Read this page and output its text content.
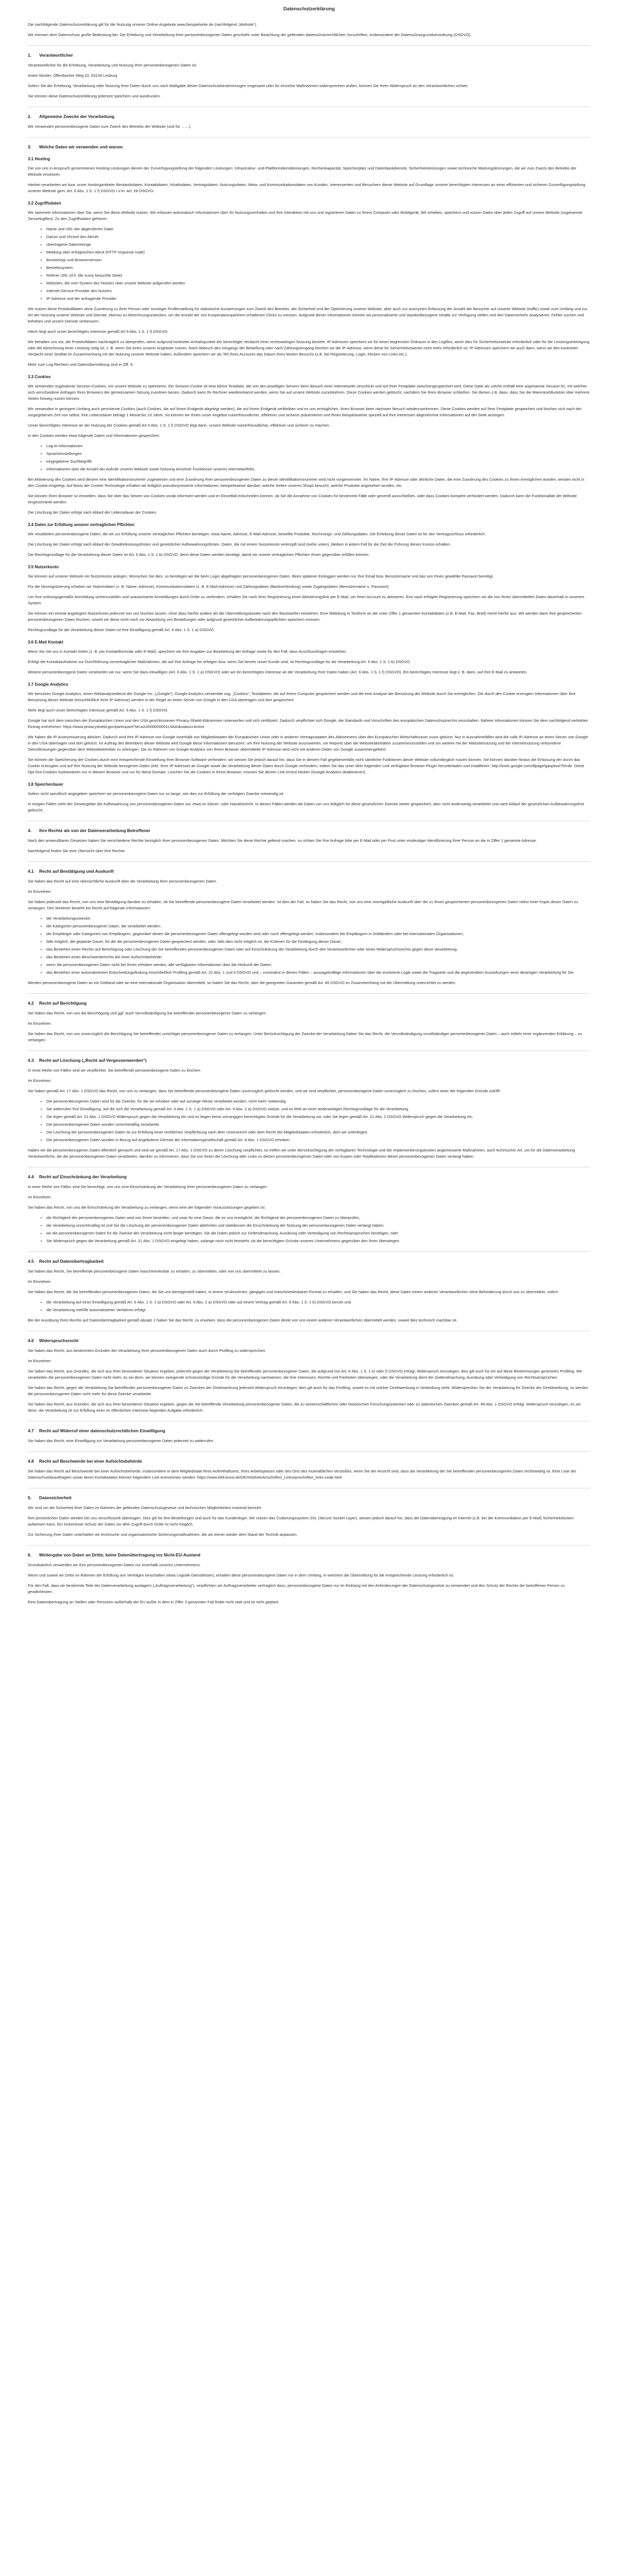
Datenschutzerklärung

Die nachfolgende Datenschutzerklärung gilt für die Nutzung unserer Online-Angebote www.beispielseite.de (nachfolgend „Website“).

Wir messen dem Datenschutz große Bedeutung bei. Die Erhebung und Verarbeitung Ihrer personenbezogenen Daten geschieht unter Beachtung der geltenden datenschutzrechtlichen Vorschriften, insbesondere der Datenschutzgrundverordnung (DSGVO).

1. Verantwortlicher

Verantwortlicher für die Erhebung, Verarbeitung und Nutzung Ihrer personenbezogenen Daten ist:

Anton Muster, Offenbacher Weg 10, 63104 Limburg

Sofern Sie der Erhebung, Verarbeitung oder Nutzung Ihrer Daten durch uns nach Maßgabe dieser Datenschutzbestimmungen insgesamt oder für einzelne Maßnahmen widersprechen wollen, können Sie Ihren Widerspruch an den Verantwortlichen richten.

Sie können diese Datenschutzerklärung jederzeit speichern und ausdrucken.

2. Allgemeine Zwecke der Verarbeitung

Wir verwenden personenbezogene Daten zum Zweck des Betriebs der Website (und für ……).

3. Welche Daten wir verwenden und warum
3.1 Hosting

Die von uns in Anspruch genommenen Hosting-Leistungen dienen der Zurverfügungstellung der folgenden Leistungen: Infrastruktur- und Plattformdienstleistungen, Rechenkapazität, Speicherplatz und Datenbankdienste, Sicherheitsleistungen sowie technische Wartungsleistungen, die wir zum Zweck des Betriebs der Website einsetzen.

Hierbei verarbeiten wir bzw. unser Hostinganbieter Bestandsdaten, Kontaktdaten, Inhaltsdaten, Vertragsdaten, Nutzungsdaten, Meta- und Kommunikationsdaten von Kunden, Interessenten und Besuchern dieser Website auf Grundlage unserer berechtigten Interessen an einer effizienten und sicheren Zurverfügungstellung unserer Website gem. Art. 6 Abs. 1 S. 1 f) DSGVO i.V.m. Art. 28 DSGVO.

3.2 Zugriffsdaten

Wir sammeln Informationen über Sie, wenn Sie diese Website nutzen. Wir erfassen automatisch Informationen über Ihr Nutzungsverhalten und Ihre Interaktion mit uns und registrieren Daten zu Ihrem Computer oder Mobilgerät. Wir erheben, speichern und nutzen Daten über jeden Zugriff auf unsere Website (sogenannte Serverlogfiles). Zu den Zugriffsdaten gehören:

• Name und URL der abgerufenen Datei
• Datum und Uhrzeit des Abrufs
• übertragene Datenmenge
• Meldung über erfolgreichen Abruf (HTTP response code)
• Browsertyp und Browserversion
• Betriebssystem
• Referer URL (d.h. die zuvor besuchte Seite)
• Websites, die vom System des Nutzers über unsere Website aufgerufen werden
• Internet-Service-Provider des Nutzers
• IP-Adresse und der anfragende Provider

Wir nutzen diese Protokolldaten ohne Zuordnung zu Ihrer Person oder sonstiger Profilerstellung für statistische Auswertungen zum Zweck des Betriebs, der Sicherheit und der Optimierung unserer Website, aber auch zur anonymen Erfassung der Anzahl der Besucher auf unserer Website (traffic) sowie zum Umfang und zur Art der Nutzung unserer Website und Dienste, ebenso zu Abrechnungszwecken, um die Anzahl der von Kooperationspartnern erhaltenen Clicks zu messen. Aufgrund dieser Informationen können wir personalisierte und standortbezogene Inhalte zur Verfügung stellen und den Datenverkehr analysieren, Fehler suchen und beheben und unsere Dienste verbessern.

Hierin liegt auch unser berechtigtes Interesse gemäß Art 6 Abs. 1 S. 1 f) DSGVO.

Wir behalten uns vor, die Protokolldaten nachträglich zu überprüfen, wenn aufgrund konkreter Anhaltspunkte der berechtigte Verdacht einer rechtswidrigen Nutzung besteht. IP-Adressen speichern wir für einen begrenzten Zeitraum in den Logfiles, wenn dies für Sicherheitszwecke erforderlich oder für die Leistungserbringung oder die Abrechnung einer Leistung nötig ist, z. B. wenn Sie eines unserer Angebote nutzen. Nach Abbruch des Vorgangs der Bestellung oder nach Zahlungseingang löschen wir die IP-Adresse, wenn diese für Sicherheitszwecke nicht mehr erforderlich ist. IP-Adressen speichern wir auch dann, wenn wir den konkreten Verdacht einer Straftat im Zusammenhang mit der Nutzung unserer Website haben. Außerdem speichern wir als Teil Ihres Accounts das Datum Ihres letzten Besuchs (z.B. bei Registrierung, Login, Klicken von Links etc.).

Mehr zum Log-Rechten und Datenübermittlung sind in Ziff. 9.

3.3 Cookies

Wir verwenden sogenannte Session-Cookies, um unsere Website zu optimieren. Ein Session-Cookie ist eine kleine Textdatei, die von den jeweiligen Servern beim Besuch einer Internetseite verschickt und auf Ihrer Festplatte zwischengespeichert wird. Diese Datei als solche enthält eine sogenannte Session-ID, mit welcher sich verschiedene Anfragen Ihres Browsers der gemeinsamen Sitzung zuordnen lassen. Dadurch kann Ihr Rechner wiedererkannt werden, wenn Sie auf unsere Website zurückkehren. Diese Cookies werden gelöscht, nachdem Sie Ihren Browser schließen. Sie dienen z.B. dazu, dass Sie die Warenkorbfunktion über mehrere Seiten hinweg nutzen können.

Wir verwenden in geringem Umfang auch persistente Cookies (auch Cookies, die auf Ihrem Endgerät abgelegt werden), die auf Ihrem Endgerät verbleiben und es uns ermöglichen, Ihren Browser beim nächsten Besuch wiederzuerkennen. Diese Cookies werden auf Ihrer Festplatte gespeichert und löschen sich nach der vorgegebenen Zeit von selbst. Ihre Lebensdauer beträgt 1 Monat bis 10 Jahre. So können wir Ihnen unser Angebot nutzerfreundlicher, effektiver und sicherer präsentieren und Ihnen beispielsweise speziell auf Ihre Interessen abgestimmte Informationen auf der Seite anzeigen.

Unser berechtigtes Interesse an der Nutzung der Cookies gemäß Art 6 Abs. 1 S. 1 f) DSGVO liegt darin, unsere Website nutzerfreundlicher, effektiver und sicherer zu machen.

In den Cookies werden etwa folgende Daten und Informationen gespeichert:

• Log-In-Informationen
• Spracheinstellungen
• eingegebene Suchbegriffe
• Informationen über die Anzahl der Aufrufe unserer Website sowie Nutzung einzelner Funktionen unseres Internetauftritts.

Bei Aktivierung des Cookies wird diesem eine Identifikationsnummer zugewiesen und eine Zuordnung Ihrer personenbezogenen Daten zu dieser Identifikationsnummer wird nicht vorgenommen. Ihr Name, Ihre IP-Adresse oder ähnliche Daten, die eine Zuordnung des Cookies zu Ihnen ermöglichen würden, werden nicht in den Cookie eingelegt. Auf Basis der Cookie-Technologie erhalten wir lediglich pseudonymisierte Informationen, beispielsweise darüber, welche Seiten unseres Shops besucht, welche Produkte angesehen wurden, etc.

Sie können Ihren Browser so einstellen, dass Sie über das Setzen von Cookies vorab informiert werden und im Einzelfall entscheiden können, ob Sie die Annahme von Cookies für bestimmte Fälle oder generell ausschließen, oder dass Cookies komplett verhindert werden. Dadurch kann die Funktionalität der Website eingeschränkt werden.

Die Löschung der Daten erfolgt nach Ablauf der Lebensdauer der Cookies.

3.4 Daten zur Erfüllung unserer vertraglichen Pflichten

Wir verarbeiten personenbezogene Daten, die wir zur Erfüllung unserer vertraglichen Pflichten benötigen, etwa Name, Adresse, E-Mail-Adresse, bestellte Produkte, Rechnungs- und Zahlungsdaten. Die Erhebung dieser Daten ist für den Vertragsschluss erforderlich.

Die Löschung der Daten erfolgt nach Ablauf der Gewährleistungsfristen und gesetzlicher Aufbewahrungsfristen. Daten, die mit einem Nutzerkonto verknüpft sind (siehe unten), bleiben in jedem Fall für die Zeit der Führung dieses Kontos erhalten.

Die Rechtsgrundlage für die Verarbeitung dieser Daten ist Art. 6 Abs. 1 S. 1 b) DSGVO, denn diese Daten werden benötigt, damit wir unsere vertraglichen Pflichten Ihnen gegenüber erfüllen können.

3.5 Nutzerkonto

Sie können auf unserer Website ein Nutzerkonto anlegen. Wünschen Sie dies, so benötigen wir die beim Login abgefragten personenbezogenen Daten. Beim späteren Einloggen werden nur Ihre Email bzw. Benutzername und das von Ihnen gewählte Passwort benötigt.

Für die Neuregistrierung erheben wir Stammdaten (z. B. Name, Adresse), Kommunikationsdaten (z. B. E-Mail-Adresse) und Zahlungsdaten (Bankverbindung) sowie Zugangsdaten (Benutzername u. Passwort).

Um Ihre ordnungsgemäße Anmeldung sicherzustellen und unautorisierte Anmeldungen durch Dritte zu verhindern, erhalten Sie nach Ihrer Registrierung einen Aktivierungslink per E-Mail, um Ihren Account zu aktivieren. Erst nach erfolgter Registrierung speichern wir die von Ihnen übermittelten Daten dauerhaft in unserem System.

Sie können ein einmal angelegtes Nutzerkonto jederzeit von uns löschen lassen, ohne dass hierfür andere als die Übermittlungskosten nach den Basistarifen entstehen. Eine Mitteilung in Textform an die unter Ziffer 1 genannten Kontaktdaten (z.B. E-Mail, Fax, Brief) reicht hierfür aus. Wir werden dann Ihre gespeicherten personenbezogenen Daten löschen, soweit wir diese nicht noch zur Abwicklung von Bestellungen oder aufgrund gesetzlicher Aufbewahrungspflichten speichern müssen.

Rechtsgrundlage für die Verarbeitung dieser Daten ist Ihre Einwilligung gemäß Art. 6 Abs. 1 S. 1 a) DSGVO.

3.6 E-Mail Kontakt

Wenn Sie mit uns in Kontakt treten (z. B. per Kontaktformular oder E-Mail), speichern wir Ihre Angaben zur Bearbeitung der Anfrage sowie für den Fall, dass Anschlussfragen entstehen.

Erfolgt die Kontaktaufnahme zur Durchführung vorvertraglicher Maßnahmen, die auf Ihre Anfrage hin erfolgen bzw. wenn Sie bereits unser Kunde sind, ist Rechtsgrundlage für die Verarbeitung Art. 6 Abs. 1 S. 1 b) DSGVO.

Weitere personenbezogene Daten verarbeiten wir nur, wenn Sie dazu einwilligen (Art. 6 Abs. 1 S. 1 a) DSGVO) oder wir ein berechtigtes Interesse an der Verarbeitung Ihrer Daten haben (Art. 6 Abs. 1 S. 1 f) DSGVO). Ein berechtigtes Interesse liegt z. B. darin, auf Ihre E-Mail zu antworten.

3.7 Google Analytics

Wir benutzen Google Analytics, einen Webanalysedienst der Google Inc. („Google“). Google Analytics verwendet sog. „Cookies“, Textdateien, die auf Ihrem Computer gespeichert werden und die eine Analyse der Benutzung der Website durch Sie ermöglichen. Die durch den Cookie erzeugten Informationen über Ihre Benutzung dieser Website (einschließlich Ihrer IP-Adresse) werden in der Regel an einen Server von Google in den USA übertragen und dort gespeichert.

Mehr liegt auch unser berechtigtes Interesse gemäß Art. 6 Abs. 1 S. 1 f) DSGVO.

Google hat sich dem zwischen der Europäischen Union und den USA geschlossenen Privacy-Shield-Abkommen unterworfen und sich zertifiziert. Dadurch verpflichtet sich Google, die Standards und Vorschriften des europäischen Datenschutzrechts einzuhalten. Nähere Informationen können Sie dem nachfolgend verlinkten Eintrag entnehmen: https://www.privacyshield.gov/participant?id=a2zt000000001L5AAI&status=Active

Wir haben die IP-Anonymisierung aktiviert. Dadurch wird Ihre IP-Adresse von Google innerhalb von Mitgliedstaaten der Europäischen Union oder in anderen Vertragsstaaten des Abkommens über den Europäischen Wirtschaftsraum zuvor gekürzt. Nur in Ausnahmefällen wird die volle IP-Adresse an einen Server von Google in den USA übertragen und dort gekürzt. Im Auftrag des Betreibers dieser Website wird Google diese Informationen benutzen, um Ihre Nutzung der Website auszuwerten, um Reports über die Websiteaktivitäten zusammenzustellen und um weitere mit der Websitenutzung und der Internetnutzung verbundene Dienstleistungen gegenüber dem Websitebetreiber zu erbringen. Die im Rahmen von Google Analytics von Ihrem Browser übermittelte IP-Adresse wird nicht mit anderen Daten von Google zusammengeführt.

Sie können die Speicherung der Cookies durch eine entsprechende Einstellung Ihrer Browser-Software verhindern; wir weisen Sie jedoch darauf hin, dass Sie in diesem Fall gegebenenfalls nicht sämtliche Funktionen dieser Website vollumfänglich nutzen können. Sie können darüber hinaus die Erfassung der durch das Cookie erzeugten und auf Ihre Nutzung der Website bezogenen Daten (inkl. Ihrer IP-Adresse) an Google sowie die Verarbeitung dieser Daten durch Google verhindern, indem Sie das unter dem folgenden Link verfügbare Browser-Plugin herunterladen und installieren: http://tools.google.com/dlpage/gaoptout?hl=de. Diese Opt-Out-Cookies funktionieren nur in diesem Browser und nur für diese Domain. Löschen Sie die Cookies in Ihrem Browser, müssen Sie diesen Link erneut klicken (Google Analytics deaktivieren).

3.8 Speicherdauer

Sofern nicht spezifisch angegeben speichern wir personenbezogene Daten nur so lange, wie dies zur Erfüllung der verfolgten Zwecke notwendig ist.

In einigen Fällen sieht der Gesetzgeber die Aufbewahrung von personenbezogenen Daten vor, etwa im Steuer- oder Handelsrecht. In diesen Fällen werden die Daten von uns lediglich für diese gesetzlichen Zwecke weiter gespeichert, aber nicht anderweitig verarbeitet und nach Ablauf der gesetzlichen Aufbewahrungsfrist gelöscht.

4. Ihre Rechte als von der Datenverarbeitung Betroffener

Nach den anwendbaren Gesetzen haben Sie verschiedene Rechte bezüglich Ihrer personenbezogenen Daten. Möchten Sie diese Rechte geltend machen, so richten Sie Ihre Anfrage bitte per E-Mail oder per Post unter eindeutiger Identifizierung Ihrer Person an die in Ziffer 1 genannte Adresse.

Nachfolgend finden Sie eine Übersicht über Ihre Rechte.

4.1 Recht auf Bestätigung und Auskunft

Sie haben das Recht auf eine übersichtliche Auskunft über die Verarbeitung Ihrer personenbezogenen Daten.

Im Einzelnen:

Sie haben jederzeit das Recht, von uns eine Bestätigung darüber zu erhalten, ob Sie betreffende personenbezogene Daten verarbeitet werden. Ist dies der Fall, so haben Sie das Recht, von uns eine unentgeltliche Auskunft über die zu Ihnen gespeicherten personenbezogenen Daten nebst einer Kopie dieser Daten zu verlangen. Des Weiteren besteht ein Recht auf folgende Informationen:

• die Verarbeitungszwecke;
• die Kategorien personenbezogener Daten, die verarbeitet werden;
• die Empfänger oder Kategorien von Empfängern, gegenüber denen die personenbezogenen Daten offengelegt worden sind oder noch offengelegt werden, insbesondere bei Empfängern in Drittländern oder bei internationalen Organisationen;
• falls möglich, die geplante Dauer, für die die personenbezogenen Daten gespeichert werden, oder, falls dies nicht möglich ist, die Kriterien für die Festlegung dieser Dauer;
• das Bestehen eines Rechts auf Berichtigung oder Löschung der Sie betreffenden personenbezogenen Daten oder auf Einschränkung der Verarbeitung durch den Verantwortlichen oder eines Widerspruchsrechts gegen diese Verarbeitung;
• das Bestehen eines Beschwerderechts bei einer Aufsichtsbehörde;
• wenn die personenbezogenen Daten nicht bei Ihnen erhoben werden, alle verfügbaren Informationen über die Herkunft der Daten;
• das Bestehen einer automatisierten Entscheidungsfindung einschließlich Profiling gemäß Art. 22 Abs. 1 und 4 DSGVO und – zumindest in diesen Fällen – aussagekräftige Informationen über die involvierte Logik sowie die Tragweite und die angestrebten Auswirkungen einer derartigen Verarbeitung für Sie.

Werden personenbezogene Daten an ein Drittland oder an eine internationale Organisation übermittelt, so haben Sie das Recht, über die geeigneten Garantien gemäß Art. 46 DSGVO im Zusammenhang mit der Übermittlung unterrichtet zu werden.

4.2 Recht auf Berichtigung

Sie haben das Recht, von uns die Berichtigung und ggf. auch Vervollständigung Sie betreffender personenbezogener Daten zu verlangen.

Im Einzelnen:

Sie haben das Recht, von uns unverzüglich die Berichtigung Sie betreffender unrichtiger personenbezogener Daten zu verlangen. Unter Berücksichtigung der Zwecke der Verarbeitung haben Sie das Recht, die Vervollständigung unvollständiger personenbezogener Daten – auch mittels einer ergänzenden Erklärung – zu verlangen.

4.3 Recht auf Löschung („Recht auf Vergessenwerden“)

In einer Reihe von Fällen sind wir verpflichtet, Sie betreffende personenbezogene Daten zu löschen.

Im Einzelnen:

Sie haben gemäß Art. 17 Abs. 1 DSGVO das Recht, von uns zu verlangen, dass Sie betreffende personenbezogene Daten unverzüglich gelöscht werden, und wir sind verpflichtet, personenbezogene Daten unverzüglich zu löschen, sofern einer der folgenden Gründe zutrifft:

• Die personenbezogenen Daten sind für die Zwecke, für die sie erhoben oder auf sonstige Weise verarbeitet wurden, nicht mehr notwendig.
• Sie widerrufen Ihre Einwilligung, auf die sich die Verarbeitung gemäß Art. 6 Abs. 1 S. 1 a) DSGVO oder Art. 9 Abs. 2 a) DSGVO stützte, und es fehlt an einer anderweitigen Rechtsgrundlage für die Verarbeitung.
• Sie legen gemäß Art. 21 Abs. 1 DSGVO Widerspruch gegen die Verarbeitung ein und es liegen keine vorrangigen berechtigten Gründe für die Verarbeitung vor, oder Sie legen gemäß Art. 21 Abs. 2 DSGVO Widerspruch gegen die Verarbeitung ein.
• Die personenbezogenen Daten wurden unrechtmäßig verarbeitet.
• Die Löschung der personenbezogenen Daten ist zur Erfüllung einer rechtlichen Verpflichtung nach dem Unionsrecht oder dem Recht der Mitgliedstaaten erforderlich, dem wir unterliegen.
• Die personenbezogenen Daten wurden in Bezug auf angebotene Dienste der Informationsgesellschaft gemäß Art. 8 Abs. 1 DSGVO erhoben.

Haben wir die personenbezogenen Daten öffentlich gemacht und sind wir gemäß Art. 17 Abs. 1 DSGVO zu deren Löschung verpflichtet, so treffen wir unter Berücksichtigung der verfügbaren Technologie und der Implementierungskosten angemessene Maßnahmen, auch technischer Art, um für die Datenverarbeitung Verantwortliche, die die personenbezogenen Daten verarbeiten, darüber zu informieren, dass Sie von ihnen die Löschung aller Links zu diesen personenbezogenen Daten oder von Kopien oder Replikationen dieser personenbezogenen Daten verlangt haben.

4.4 Recht auf Einschränkung der Verarbeitung

In einer Reihe von Fällen sind Sie berechtigt, von uns eine Einschränkung der Verarbeitung Ihrer personenbezogenen Daten zu verlangen.

Im Einzelnen:

Sie haben das Recht, von uns die Einschränkung der Verarbeitung zu verlangen, wenn eine der folgenden Voraussetzungen gegeben ist:

• die Richtigkeit der personenbezogenen Daten wird von Ihnen bestritten, und zwar für eine Dauer, die es uns ermöglicht, die Richtigkeit der personenbezogenen Daten zu überprüfen,
• die Verarbeitung unrechtmäßig ist und Sie die Löschung der personenbezogenen Daten ablehnten und stattdessen die Einschränkung der Nutzung der personenbezogenen Daten verlangt haben;
• wir die personenbezogenen Daten für die Zwecke der Verarbeitung nicht länger benötigen, Sie die Daten jedoch zur Geltendmachung, Ausübung oder Verteidigung von Rechtsansprüchen benötigen, oder
• Sie Widerspruch gegen die Verarbeitung gemäß Art. 21 Abs. 1 DSGVO eingelegt haben, solange noch nicht feststeht, ob die berechtigten Gründe unseres Unternehmens gegenüber den Ihren überwiegen.
4.5 Recht auf Datenübertragbarkeit

Sie haben das Recht, Sie betreffende personenbezogene Daten maschinenlesbar zu erhalten, zu übermitteln, oder von uns übermitteln zu lassen.

Im Einzelnen:

Sie haben das Recht, die Sie betreffenden personenbezogenen Daten, die Sie uns bereitgestellt haben, in einem strukturierten, gängigen und maschinenlesbaren Format zu erhalten, und Sie haben das Recht, diese Daten einem anderen Verantwortlichen ohne Behinderung durch uns zu übermitteln, sofern

• die Verarbeitung auf einer Einwilligung gemäß Art. 6 Abs. 1 S. 1 a) DSGVO oder Art. 9 Abs. 2 a) DSGVO oder auf einem Vertrag gemäß Art. 6 Abs. 1 S. 1 b) DSGVO beruht und
• die Verarbeitung mithilfe automatisierter Verfahren erfolgt.

Bei der Ausübung Ihres Rechts auf Datenübertragbarkeit gemäß Absatz 1 haben Sie das Recht, zu erwirken, dass die personenbezogenen Daten direkt von uns einem anderen Verantwortlichen übermittelt werden, soweit dies technisch machbar ist.

4.6 Widerspruchsrecht

Sie haben das Recht, aus bestimmten Gründen der Verarbeitung Ihrer personenbezogenen Daten auch durch Profiling zu widersprechen.

Im Einzelnen:

Sie haben das Recht, aus Gründen, die sich aus Ihrer besonderen Situation ergeben, jederzeit gegen die Verarbeitung Sie betreffender personenbezogener Daten, die aufgrund von Art. 6 Abs. 1 S. 1 e) oder f) DSGVO erfolgt, Widerspruch einzulegen; dies gilt auch für ein auf diese Bestimmungen gestütztes Profiling. Wir verarbeiten die personenbezogenen Daten nicht mehr, es sei denn, wir können zwingende schutzwürdige Gründe für die Verarbeitung nachweisen, die Ihre Interessen, Rechte und Freiheiten überwiegen, oder die Verarbeitung dient der Geltendmachung, Ausübung oder Verteidigung von Rechtsansprüchen.

Sie haben das Recht, gegen die Verarbeitung Sie betreffender personenbezogener Daten zu Zwecken der Direktwerbung jederzeit Widerspruch einzulegen; dies gilt auch für das Profiling, soweit es mit solcher Direktwerbung in Verbindung steht. Widersprechen Sie der Verarbeitung für Zwecke der Direktwerbung, so werden die personenbezogenen Daten nicht mehr für diese Zwecke verarbeitet.

Sie haben das Recht, aus Gründen, die sich aus Ihrer besonderen Situation ergeben, gegen die Sie betreffende Verarbeitung personenbezogener Daten, die zu wissenschaftlichen oder historischen Forschungszwecken oder zu statistischen Zwecken gemäß Art. 89 Abs. 1 DSGVO erfolgt, Widerspruch einzulegen, es sei denn, die Verarbeitung ist zur Erfüllung einer im öffentlichen Interesse liegenden Aufgabe erforderlich.

4.7 Recht auf Widerruf einer datenschutzrechtlichen Einwilligung

Sie haben das Recht, eine Einwilligung zur Verarbeitung personenbezogener Daten jederzeit zu widerrufen.

4.8 Recht auf Beschwerde bei einer Aufsichtsbehörde

Sie haben das Recht auf Beschwerde bei einer Aufsichtsbehörde, insbesondere in dem Mitgliedstaat Ihres Aufenthaltsorts, Ihres Arbeitsplatzes oder des Orts des mutmaßlichen Verstoßes, wenn Sie der Ansicht sind, dass die Verarbeitung der Sie betreffenden personenbezogenen Daten rechtswidrig ist. Eine Liste der Datenschutzbeauftragten sowie deren Kontaktdaten können folgendem Link entnommen werden: https://www.bfdi.bund.de/DE/Infothek/Anschriften_Links/anschriften_links-node.html

5. Datensicherheit

Wir sind um die Sicherheit Ihrer Daten im Rahmen der geltenden Datenschutzgesetze und technischen Möglichkeiten maximal bemüht.

Ihre persönlichen Daten werden bei uns verschlüsselt übertragen. Dies gilt für Ihre Bestellungen und auch für das Kundenlogin. Wir nutzen das Codierungssystem SSL (Secure Socket Layer), weisen jedoch darauf hin, dass die Datenübertragung im Internet (z.B. bei der Kommunikation per E-Mail) Sicherheitslücken aufweisen kann. Ein lückenloser Schutz der Daten vor dem Zugriff durch Dritte ist nicht möglich.

Zur Sicherung Ihrer Daten unterhalten wir technische und organisatorische Sicherungsmaßnahmen, die wir immer wieder dem Stand der Technik anpassen.

6. Weitergabe von Daten an Dritte, keine Datenübertragung ins Nicht-EU-Ausland

Grundsätzlich verwenden wir Ihre personenbezogenen Daten nur innerhalb unseres Unternehmens.

Wenn und soweit wir Dritte im Rahmen der Erfüllung von Verträgen einschalten (etwa Logistik-Dienstleister), erhalten diese personenbezogene Daten nur in dem Umfang, in welchem die Übermittlung für die entsprechende Leistung erforderlich ist.

Für den Fall, dass wir bestimmte Teile der Datenverarbeitung auslagern („Auftragsverarbeitung“), verpflichten wir Auftragsverarbeiter vertraglich dazu, personenbezogene Daten nur im Einklang mit den Anforderungen der Datenschutzgesetze zu verwenden und den Schutz der Rechte der betroffenen Person zu gewährleisten.

Eine Datenübertragung an Stellen oder Personen außerhalb der EU außer in dem in Ziffer 3 genannten Fall findet nicht statt und ist nicht geplant.
